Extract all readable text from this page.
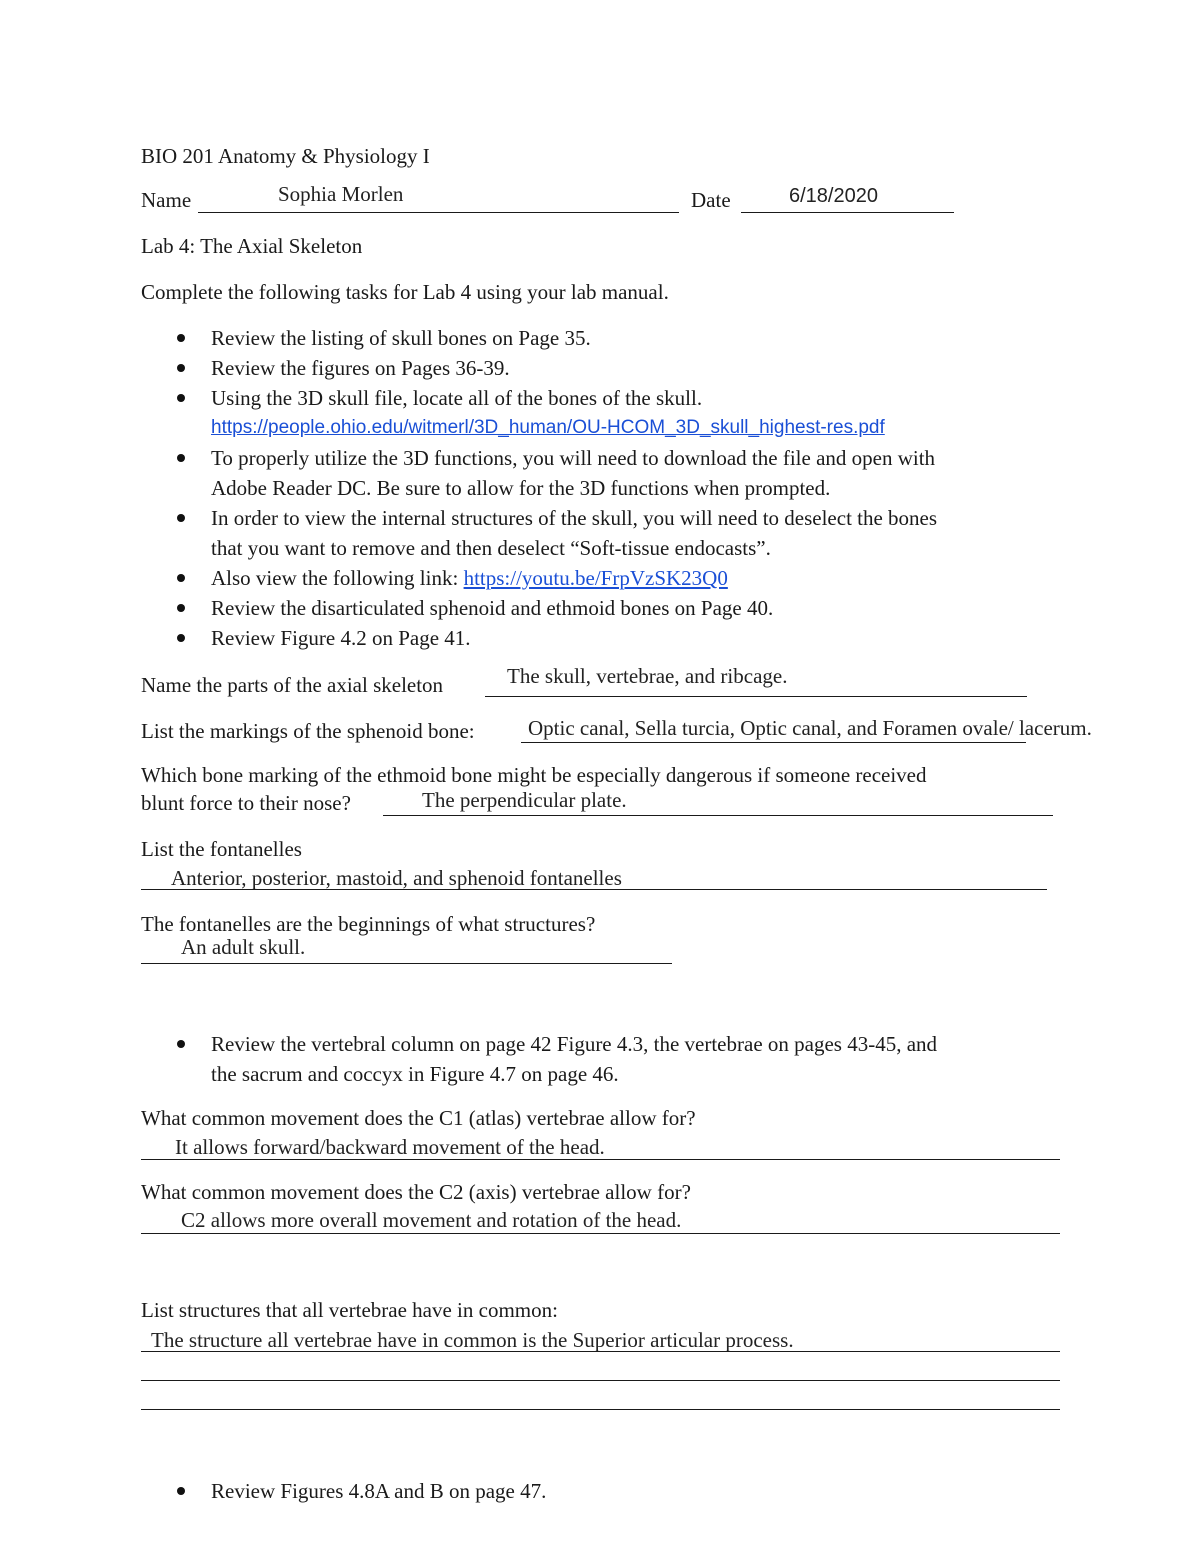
BIO 201 Anatomy & Physiology I
Name	Sophia Morlen	Date	6/18/2020
Lab 4: The Axial Skeleton
Complete the following tasks for Lab 4 using your lab manual.
Review the listing of skull bones on Page 35.
Review the figures on Pages 36-39.
Using the 3D skull file, locate all of the bones of the skull.
https://people.ohio.edu/witmerl/3D_human/OU-HCOM_3D_skull_highest-res.pdf
To properly utilize the 3D functions, you will need to download the file and open with
Adobe Reader DC. Be sure to allow for the 3D functions when prompted.
In order to view the internal structures of the skull, you will need to deselect the bones
that you want to remove and then deselect “Soft-tissue endocasts”.
Also view the following link: https://youtu.be/FrpVzSK23Q0
Review the disarticulated sphenoid and ethmoid bones on Page 40.
Review Figure 4.2 on Page 41.
Name the parts of the axial skeleton	The skull, vertebrae, and ribcage.
List the markings of the sphenoid bone:	Optic canal, Sella turcia, Optic canal, and Foramen ovale/ lacerum.
Which bone marking of the ethmoid bone might be especially dangerous if someone received
blunt force to their nose?	The perpendicular plate.
List the fontanelles
Anterior, posterior, mastoid, and sphenoid fontanelles
The fontanelles are the beginnings of what structures?
An adult skull.
Review the vertebral column on page 42 Figure 4.3, the vertebrae on pages 43-45, and
the sacrum and coccyx in Figure 4.7 on page 46.
What common movement does the C1 (atlas) vertebrae allow for?
It allows forward/backward movement of the head.
What common movement does the C2 (axis) vertebrae allow for?
C2 allows more overall movement and rotation of the head.
List structures that all vertebrae have in common:
The structure all vertebrae have in common is the Superior articular process.
Review Figures 4.8A and B on page 47.
